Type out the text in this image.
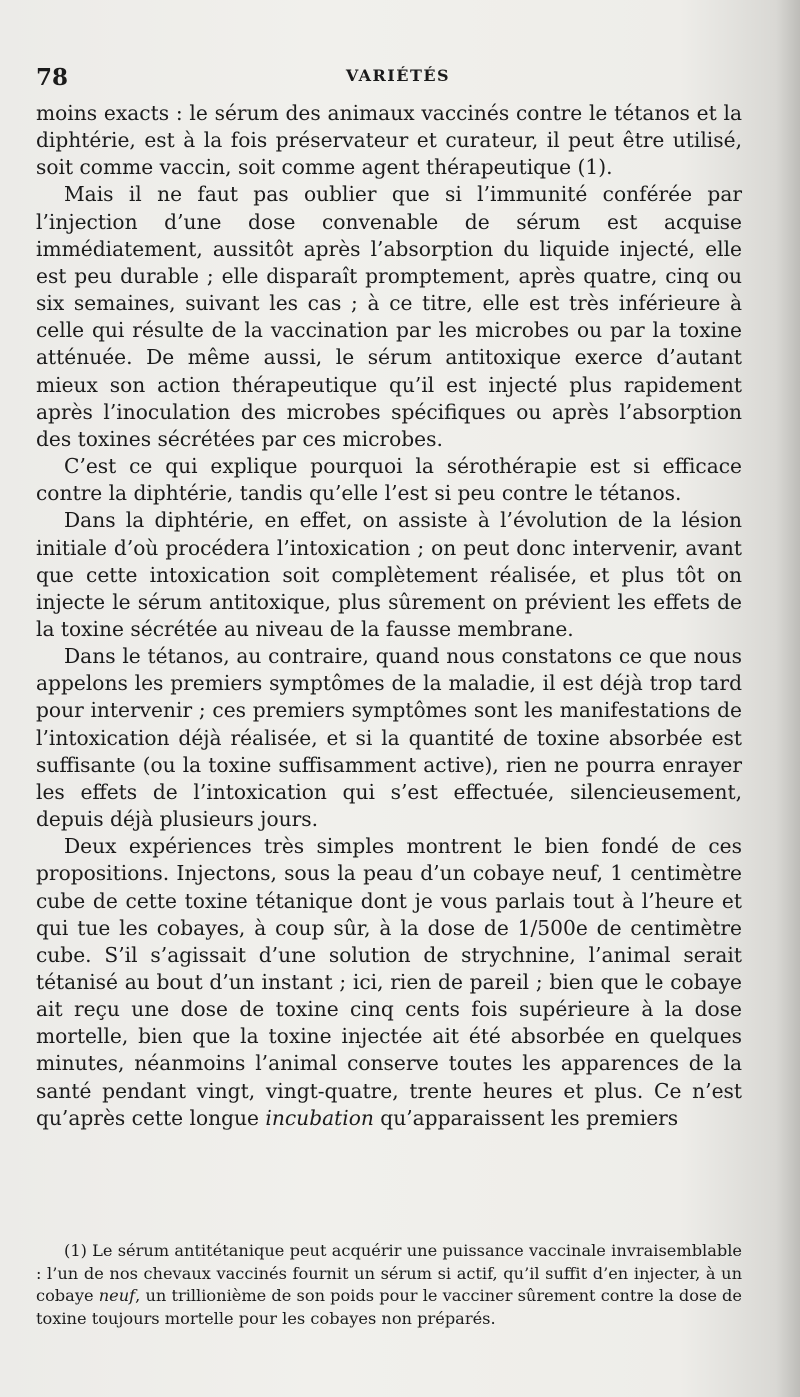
78	VARIÉTÉS

moins exacts : le sérum des animaux vaccinés contre le tétanos et la diphtérie, est à la fois préservateur et curateur, il peut être utilisé, soit comme vaccin, soit comme agent thérapeutique (1).

Mais il ne faut pas oublier que si l’immunité conférée par l’injection d’une dose convenable de sérum est acquise immédiatement, aussitôt après l’absorption du liquide injecté, elle est peu durable ; elle disparaît promptement, après quatre, cinq ou six semaines, suivant les cas ; à ce titre, elle est très inférieure à celle qui résulte de la vaccination par les microbes ou par la toxine atténuée. De même aussi, le sérum antitoxique exerce d’autant mieux son action thérapeutique qu’il est injecté plus rapidement après l’inoculation des microbes spécifiques ou après l’absorption des toxines sécrétées par ces microbes.

C’est ce qui explique pourquoi la sérothérapie est si efficace contre la diphtérie, tandis qu’elle l’est si peu contre le tétanos.

Dans la diphtérie, en effet, on assiste à l’évolution de la lésion initiale d’où procédera l’intoxication ; on peut donc intervenir, avant que cette intoxication soit complètement réalisée, et plus tôt on injecte le sérum antitoxique, plus sûrement on prévient les effets de la toxine sécrétée au niveau de la fausse membrane.

Dans le tétanos, au contraire, quand nous constatons ce que nous appelons les premiers symptômes de la maladie, il est déjà trop tard pour intervenir ; ces premiers symptômes sont les manifestations de l’intoxication déjà réalisée, et si la quantité de toxine absorbée est suffisante (ou la toxine suffisamment active), rien ne pourra enrayer les effets de l’intoxication qui s’est effectuée, silencieusement, depuis déjà plusieurs jours.

Deux expériences très simples montrent le bien fondé de ces propositions. Injectons, sous la peau d’un cobaye neuf, 1 centimètre cube de cette toxine tétanique dont je vous parlais tout à l’heure et qui tue les cobayes, à coup sûr, à la dose de 1/500e de centimètre cube. S’il s’agissait d’une solution de strychnine, l’animal serait tétanisé au bout d’un instant ; ici, rien de pareil ; bien que le cobaye ait reçu une dose de toxine cinq cents fois supérieure à la dose mortelle, bien que la toxine injectée ait été absorbée en quelques minutes, néanmoins l’animal conserve toutes les apparences de la santé pendant vingt, vingt-quatre, trente heures et plus. Ce n’est qu’après cette longue incubation qu’apparaissent les premiers

(1) Le sérum antitétanique peut acquérir une puissance vaccinale invraisemblable : l’un de nos chevaux vaccinés fournit un sérum si actif, qu’il suffit d’en injecter, à un cobaye neuf, un trillionième de son poids pour le vacciner sûrement contre la dose de toxine toujours mortelle pour les cobayes non préparés.
